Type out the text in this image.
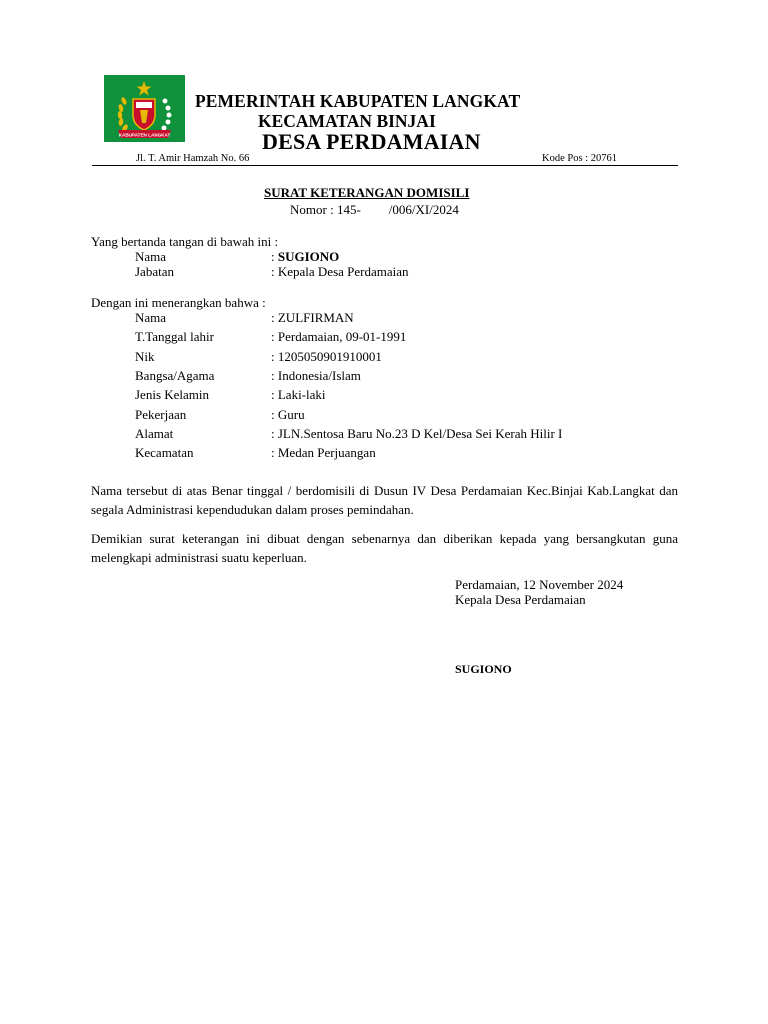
KABUPATEN LANGKAT
PEMERINTAH KABUPATEN LANGKAT
KECAMATAN BINJAI
DESA PERDAMAIAN
Jl. T. Amir Hamzah No. 66	Kode Pos : 20761
SURAT KETERANGAN DOMISILI
Nomor : 145- /006/XI/2024
Yang bertanda tangan di bawah ini :
Nama	: SUGIONO
Jabatan	: Kepala Desa Perdamaian
Dengan ini menerangkan bahwa :
Nama	: ZULFIRMAN
T.Tanggal lahir	: Perdamaian, 09-01-1991
Nik	: 1205050901910001
Bangsa/Agama	: Indonesia/Islam
Jenis Kelamin	: Laki-laki
Pekerjaan	: Guru
Alamat	: JLN.Sentosa Baru No.23 D Kel/Desa Sei Kerah Hilir I
Kecamatan	: Medan Perjuangan
Nama tersebut di atas Benar tinggal / berdomisili di Dusun IV Desa Perdamaian Kec.Binjai Kab.Langkat dan segala Administrasi kependudukan dalam proses pemindahan.
Demikian surat keterangan ini dibuat dengan sebenarnya dan diberikan kepada yang bersangkutan guna melengkapi administrasi suatu keperluan.
Perdamaian, 12 November 2024
Kepala Desa Perdamaian
SUGIONO
